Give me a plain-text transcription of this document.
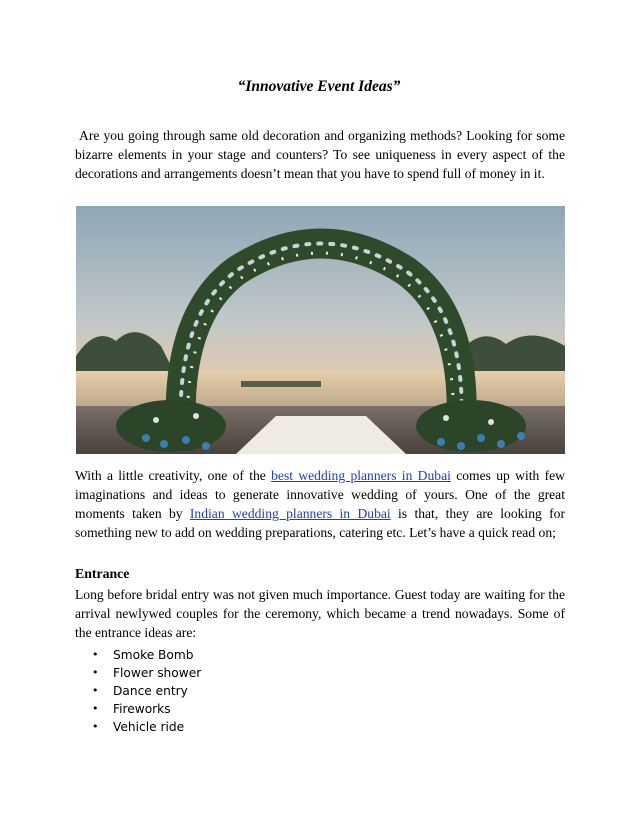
“Innovative Event Ideas”
Are you going through same old decoration and organizing methods? Looking for some bizarre elements in your stage and counters? To see uniqueness in every aspect of the decorations and arrangements doesn’t mean that you have to spend full of money in it.
With a little creativity, one of the best wedding planners in Dubai comes up with few imaginations and ideas to generate innovative wedding of yours. One of the great moments taken by Indian wedding planners in Dubai is that, they are looking for something new to add on wedding preparations, catering etc. Let’s have a quick read on;
Entrance
Long before bridal entry was not given much importance. Guest today are waiting for the arrival newlywed couples for the ceremony, which became a trend nowadays. Some of the entrance ideas are:
• Smoke Bomb
• Flower shower
• Dance entry
• Fireworks
• Vehicle ride
